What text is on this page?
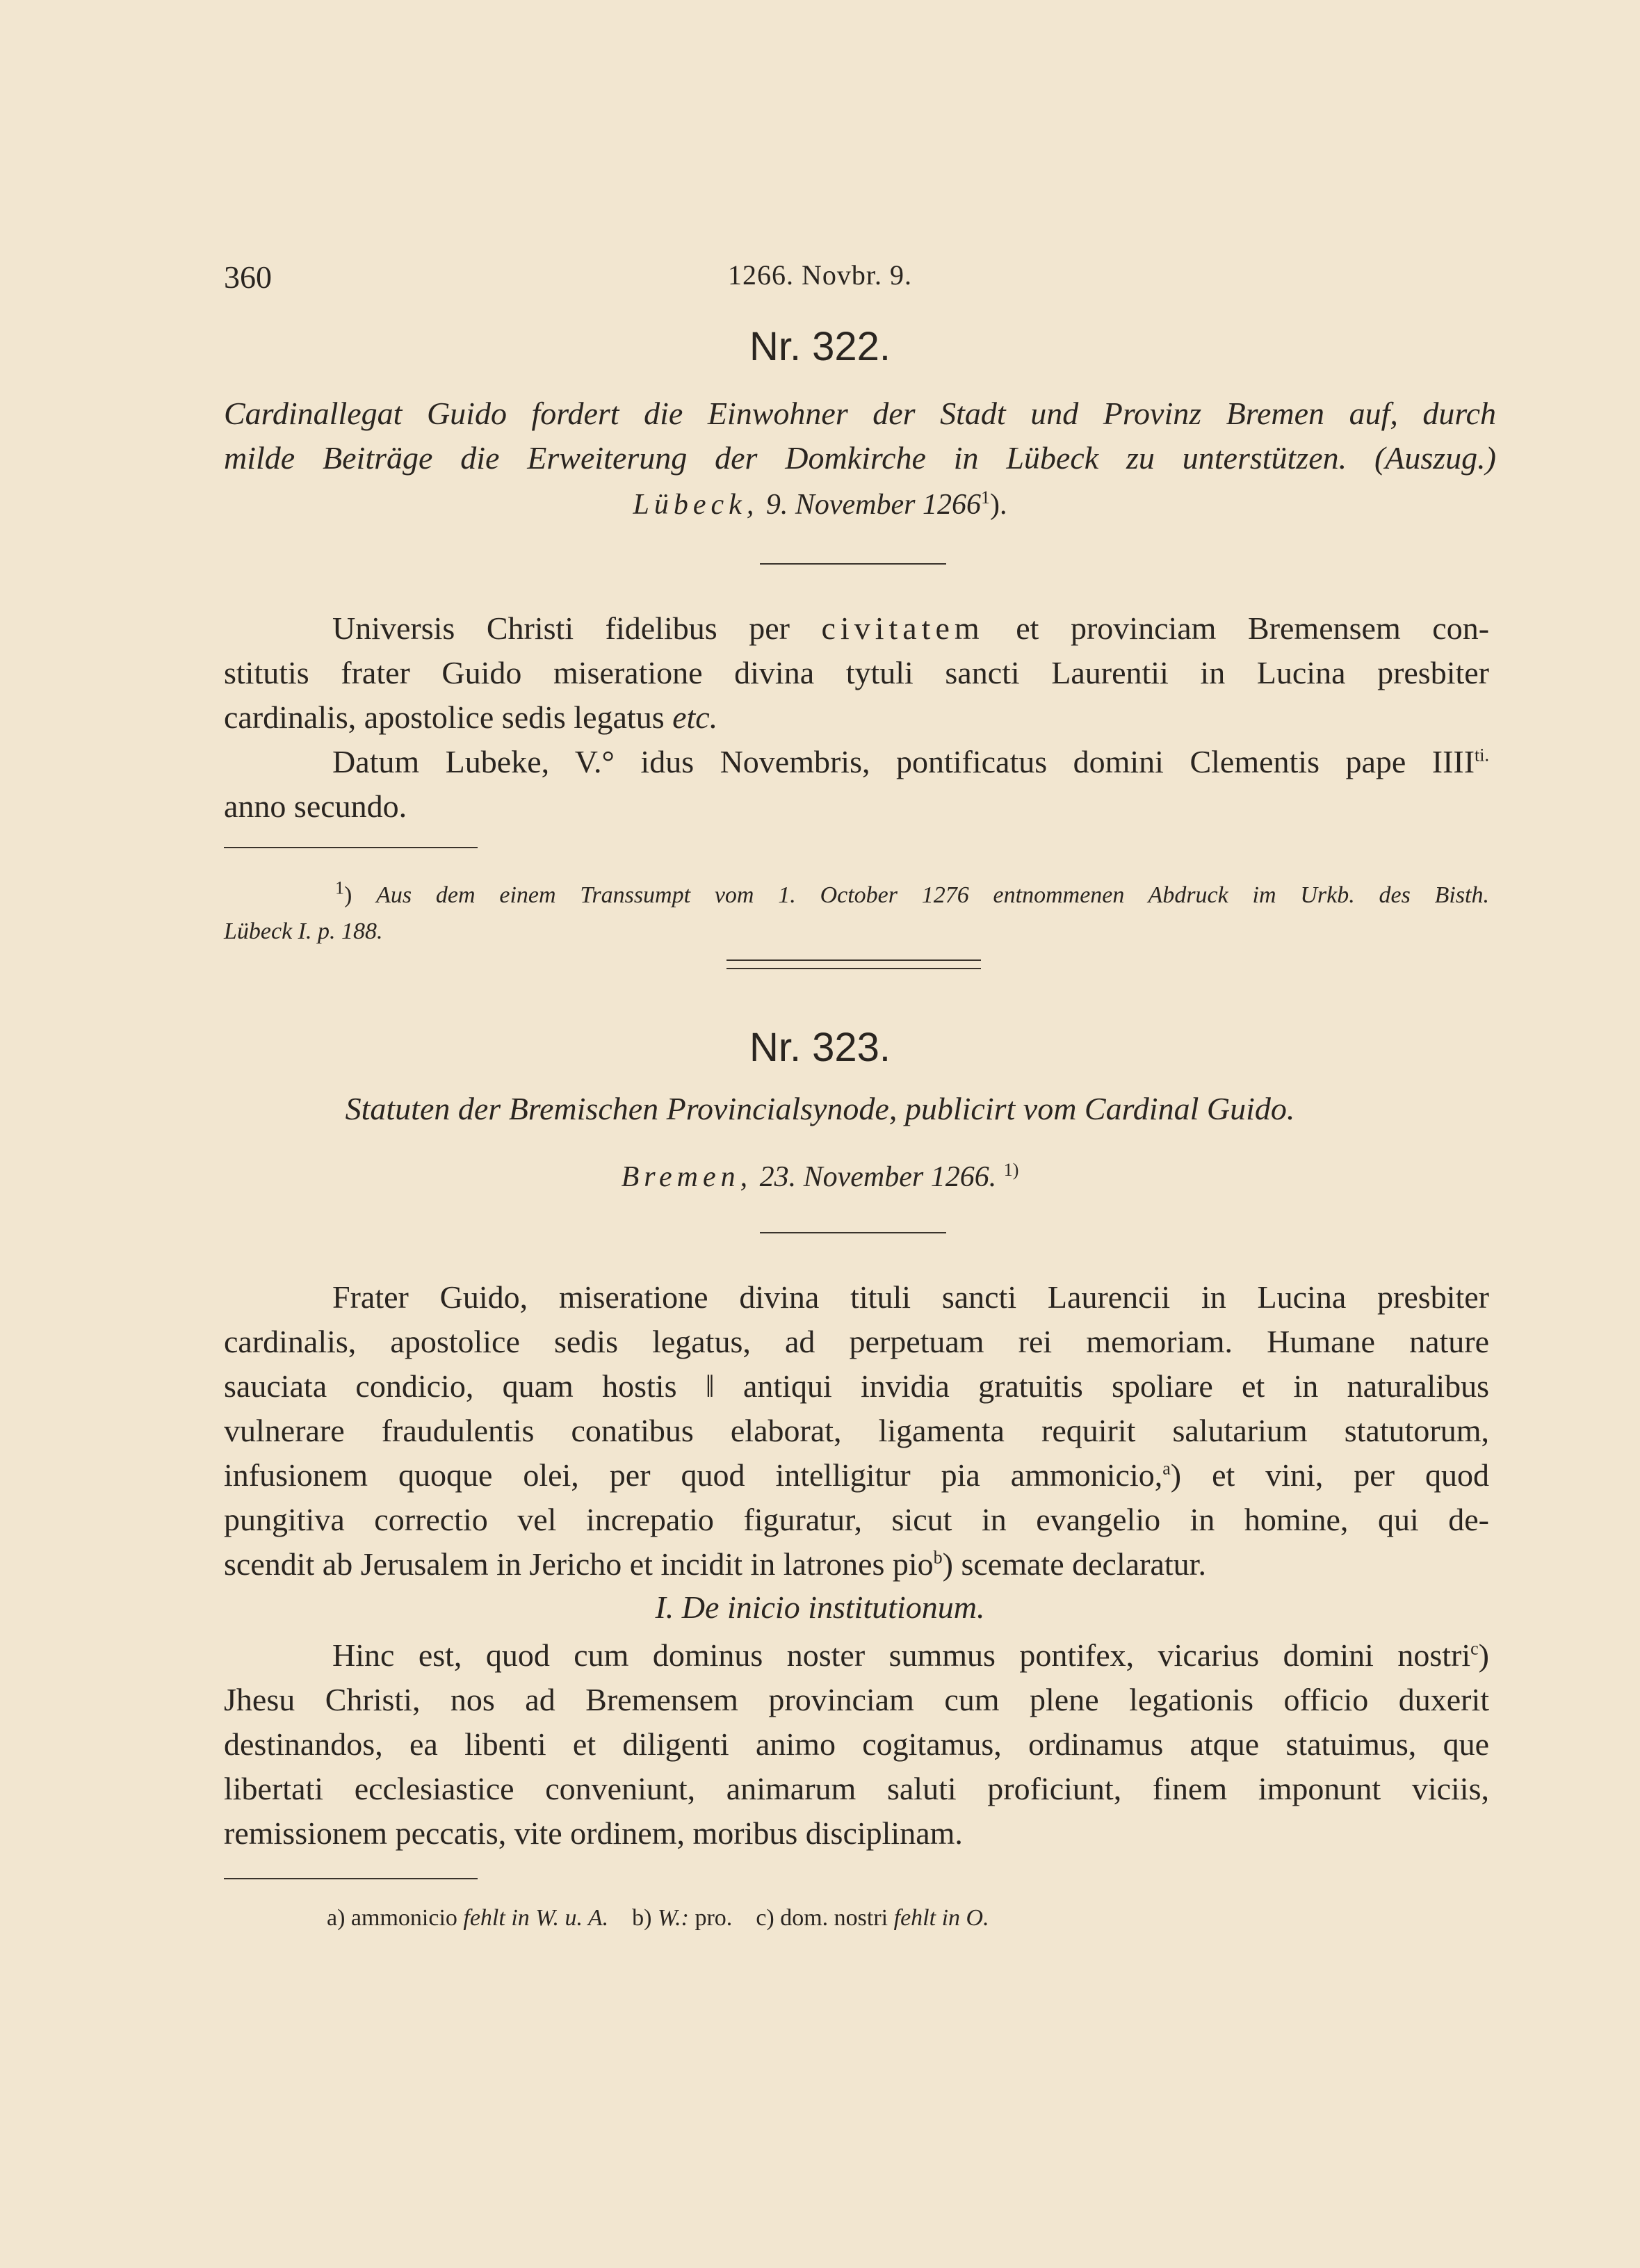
360	1266. Novbr. 9.
Nr. 322.
Cardinallegat Guido fordert die Einwohner der Stadt und Provinz Bremen auf, durch
milde Beiträge die Erweiterung der Domkirche in Lübeck zu unterstützen. (Auszug.)
Lübeck, 9. November 1266$^1$).
Universis Christi fidelibus per civitatem et provinciam Bremensem con-
stitutis frater Guido miseratione divina tytuli sancti Laurentii in Lucina presbiter
cardinalis, apostolice sedis legatus etc.
Datum Lubeke, V.° idus Novembris, pontificatus domini Clementis pape $IIII^{ti.}$
anno secundo.
$^1$) Aus dem einem Transsumpt vom 1. October 1276 entnommenen Abdruck im Urkb. des Bisth.
Lübeck I. p. 188.
Nr. 323.
Statuten der Bremischen Provincialsynode, publicirt vom Cardinal Guido.
Bremen, 23. November 1266. $^{1)}$
Frater Guido, miseratione divina tituli sancti Laurencii in Lucina presbiter
cardinalis, apostolice sedis legatus, ad perpetuam rei memoriam. Humane nature
sauciata condicio, quam hostis ‖ antiqui invidia gratuitis spoliare et in naturalibus
vulnerare fraudulentis conatibus elaborat, ligamenta requirit salutarium statutorum,
infusionem quoque olei, per quod intelligitur pia ammonicio,$^a$) et vini, per quod
pungitiva correctio vel increpatio figuratur, sicut in evangelio in homine, qui de-
scendit ab Jerusalem in Jericho et incidit in latrones pio$^b$) scemate declaratur.
I. De inicio institutionum.
Hinc est, quod cum dominus noster summus pontifex, vicarius domini nostri$^c$)
Jhesu Christi, nos ad Bremensem provinciam cum plene legationis officio duxerit
destinandos, ea libenti et diligenti animo cogitamus, ordinamus atque statuimus, que
libertati ecclesiastice conveniunt, animarum saluti proficiunt, finem imponunt viciis,
remissionem peccatis, vite ordinem, moribus disciplinam.
a) ammonicio fehlt in W. u. A. b) W.: pro. c) dom. nostri fehlt in O.
